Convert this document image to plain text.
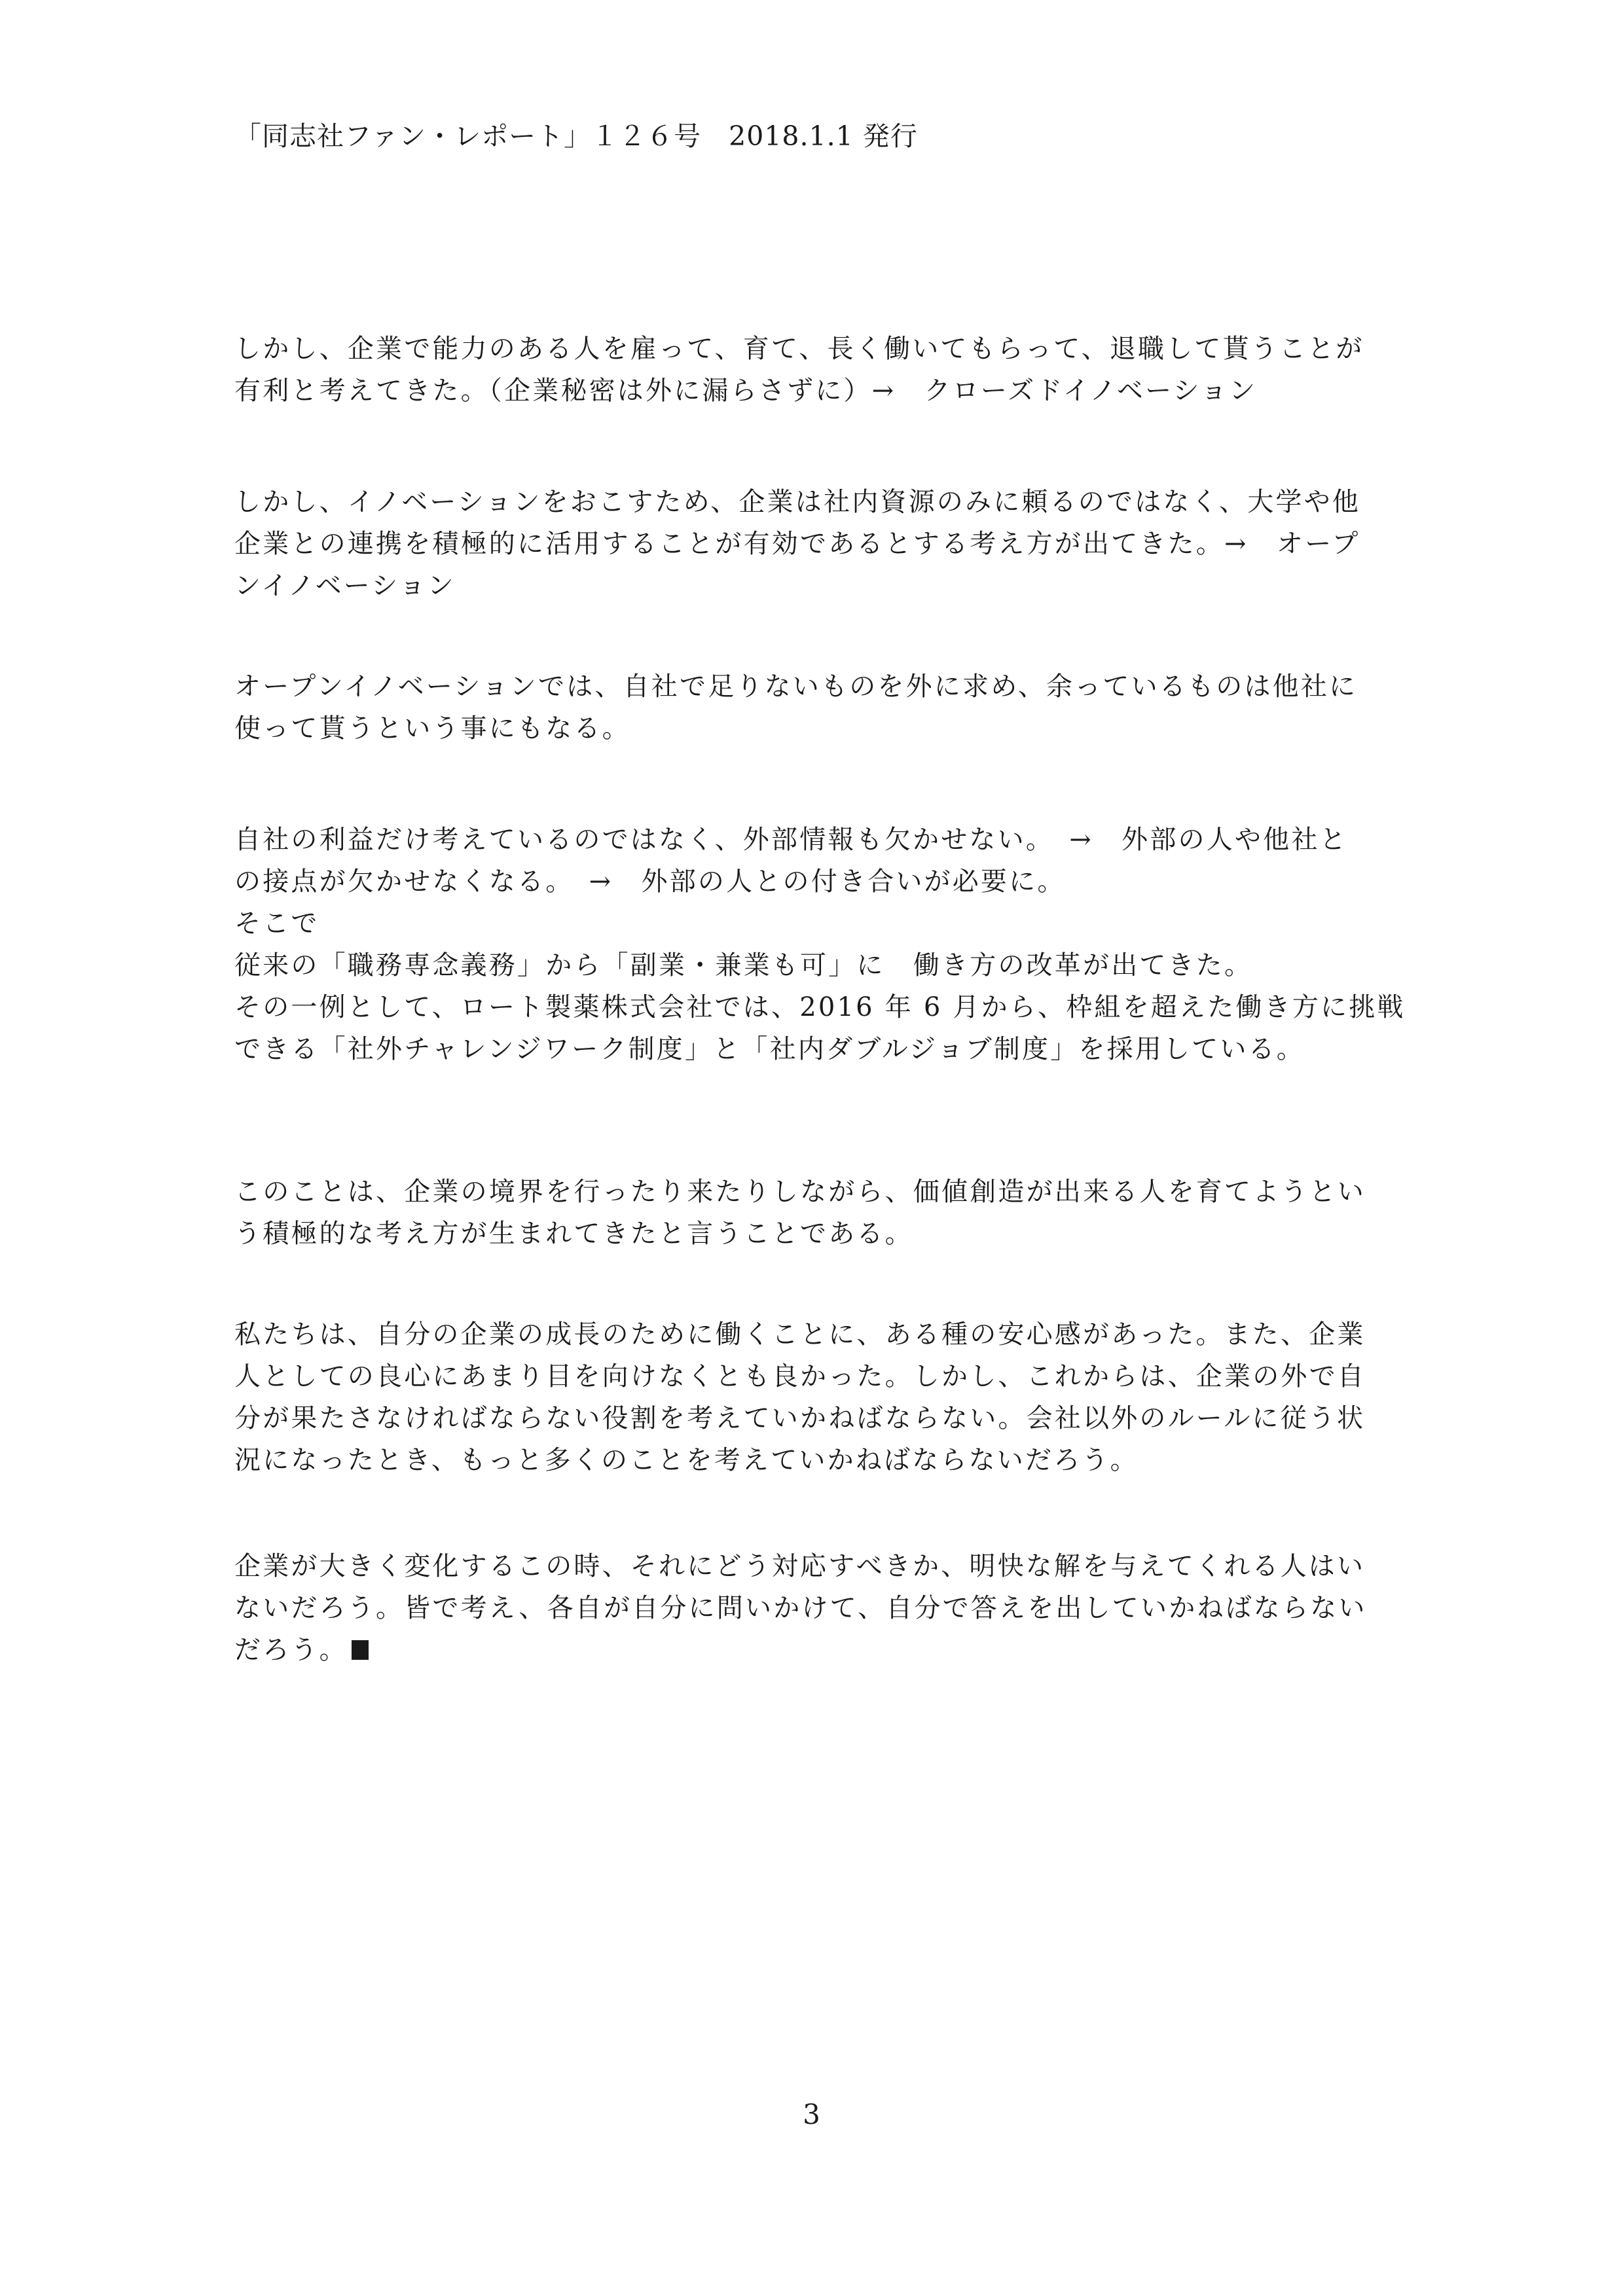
「同志社ファン・レポート」１２６号　2018.1.1 発行
しかし、企業で能力のある人を雇って、育て、長く働いてもらって、退職して貰うことが
有利と考えてきた。（企業秘密は外に漏らさずに）→　クローズドイノベーション
しかし、イノベーションをおこすため、企業は社内資源のみに頼るのではなく、大学や他
企業との連携を積極的に活用することが有効であるとする考え方が出てきた。→　オープ
ンイノベーション
オープンイノベーションでは、自社で足りないものを外に求め、余っているものは他社に
使って貰うという事にもなる。
自社の利益だけ考えているのではなく、外部情報も欠かせない。　→　外部の人や他社と
の接点が欠かせなくなる。　→　外部の人との付き合いが必要に。
そこで
従来の「職務専念義務」から「副業・兼業も可」に　働き方の改革が出てきた。
その一例として、ロート製薬株式会社では、2016 年 6 月から、枠組を超えた働き方に挑戦
できる「社外チャレンジワーク制度」と「社内ダブルジョブ制度」を採用している。
このことは、企業の境界を行ったり来たりしながら、価値創造が出来る人を育てようとい
う積極的な考え方が生まれてきたと言うことである。
私たちは、自分の企業の成長のために働くことに、ある種の安心感があった。また、企業
人としての良心にあまり目を向けなくとも良かった。しかし、これからは、企業の外で自
分が果たさなければならない役割を考えていかねばならない。会社以外のルールに従う状
況になったとき、もっと多くのことを考えていかねばならないだろう。
企業が大きく変化するこの時、それにどう対応すべきか、明快な解を与えてくれる人はい
ないだろう。皆で考え、各自が自分に問いかけて、自分で答えを出していかねばならない
だろう。
3
